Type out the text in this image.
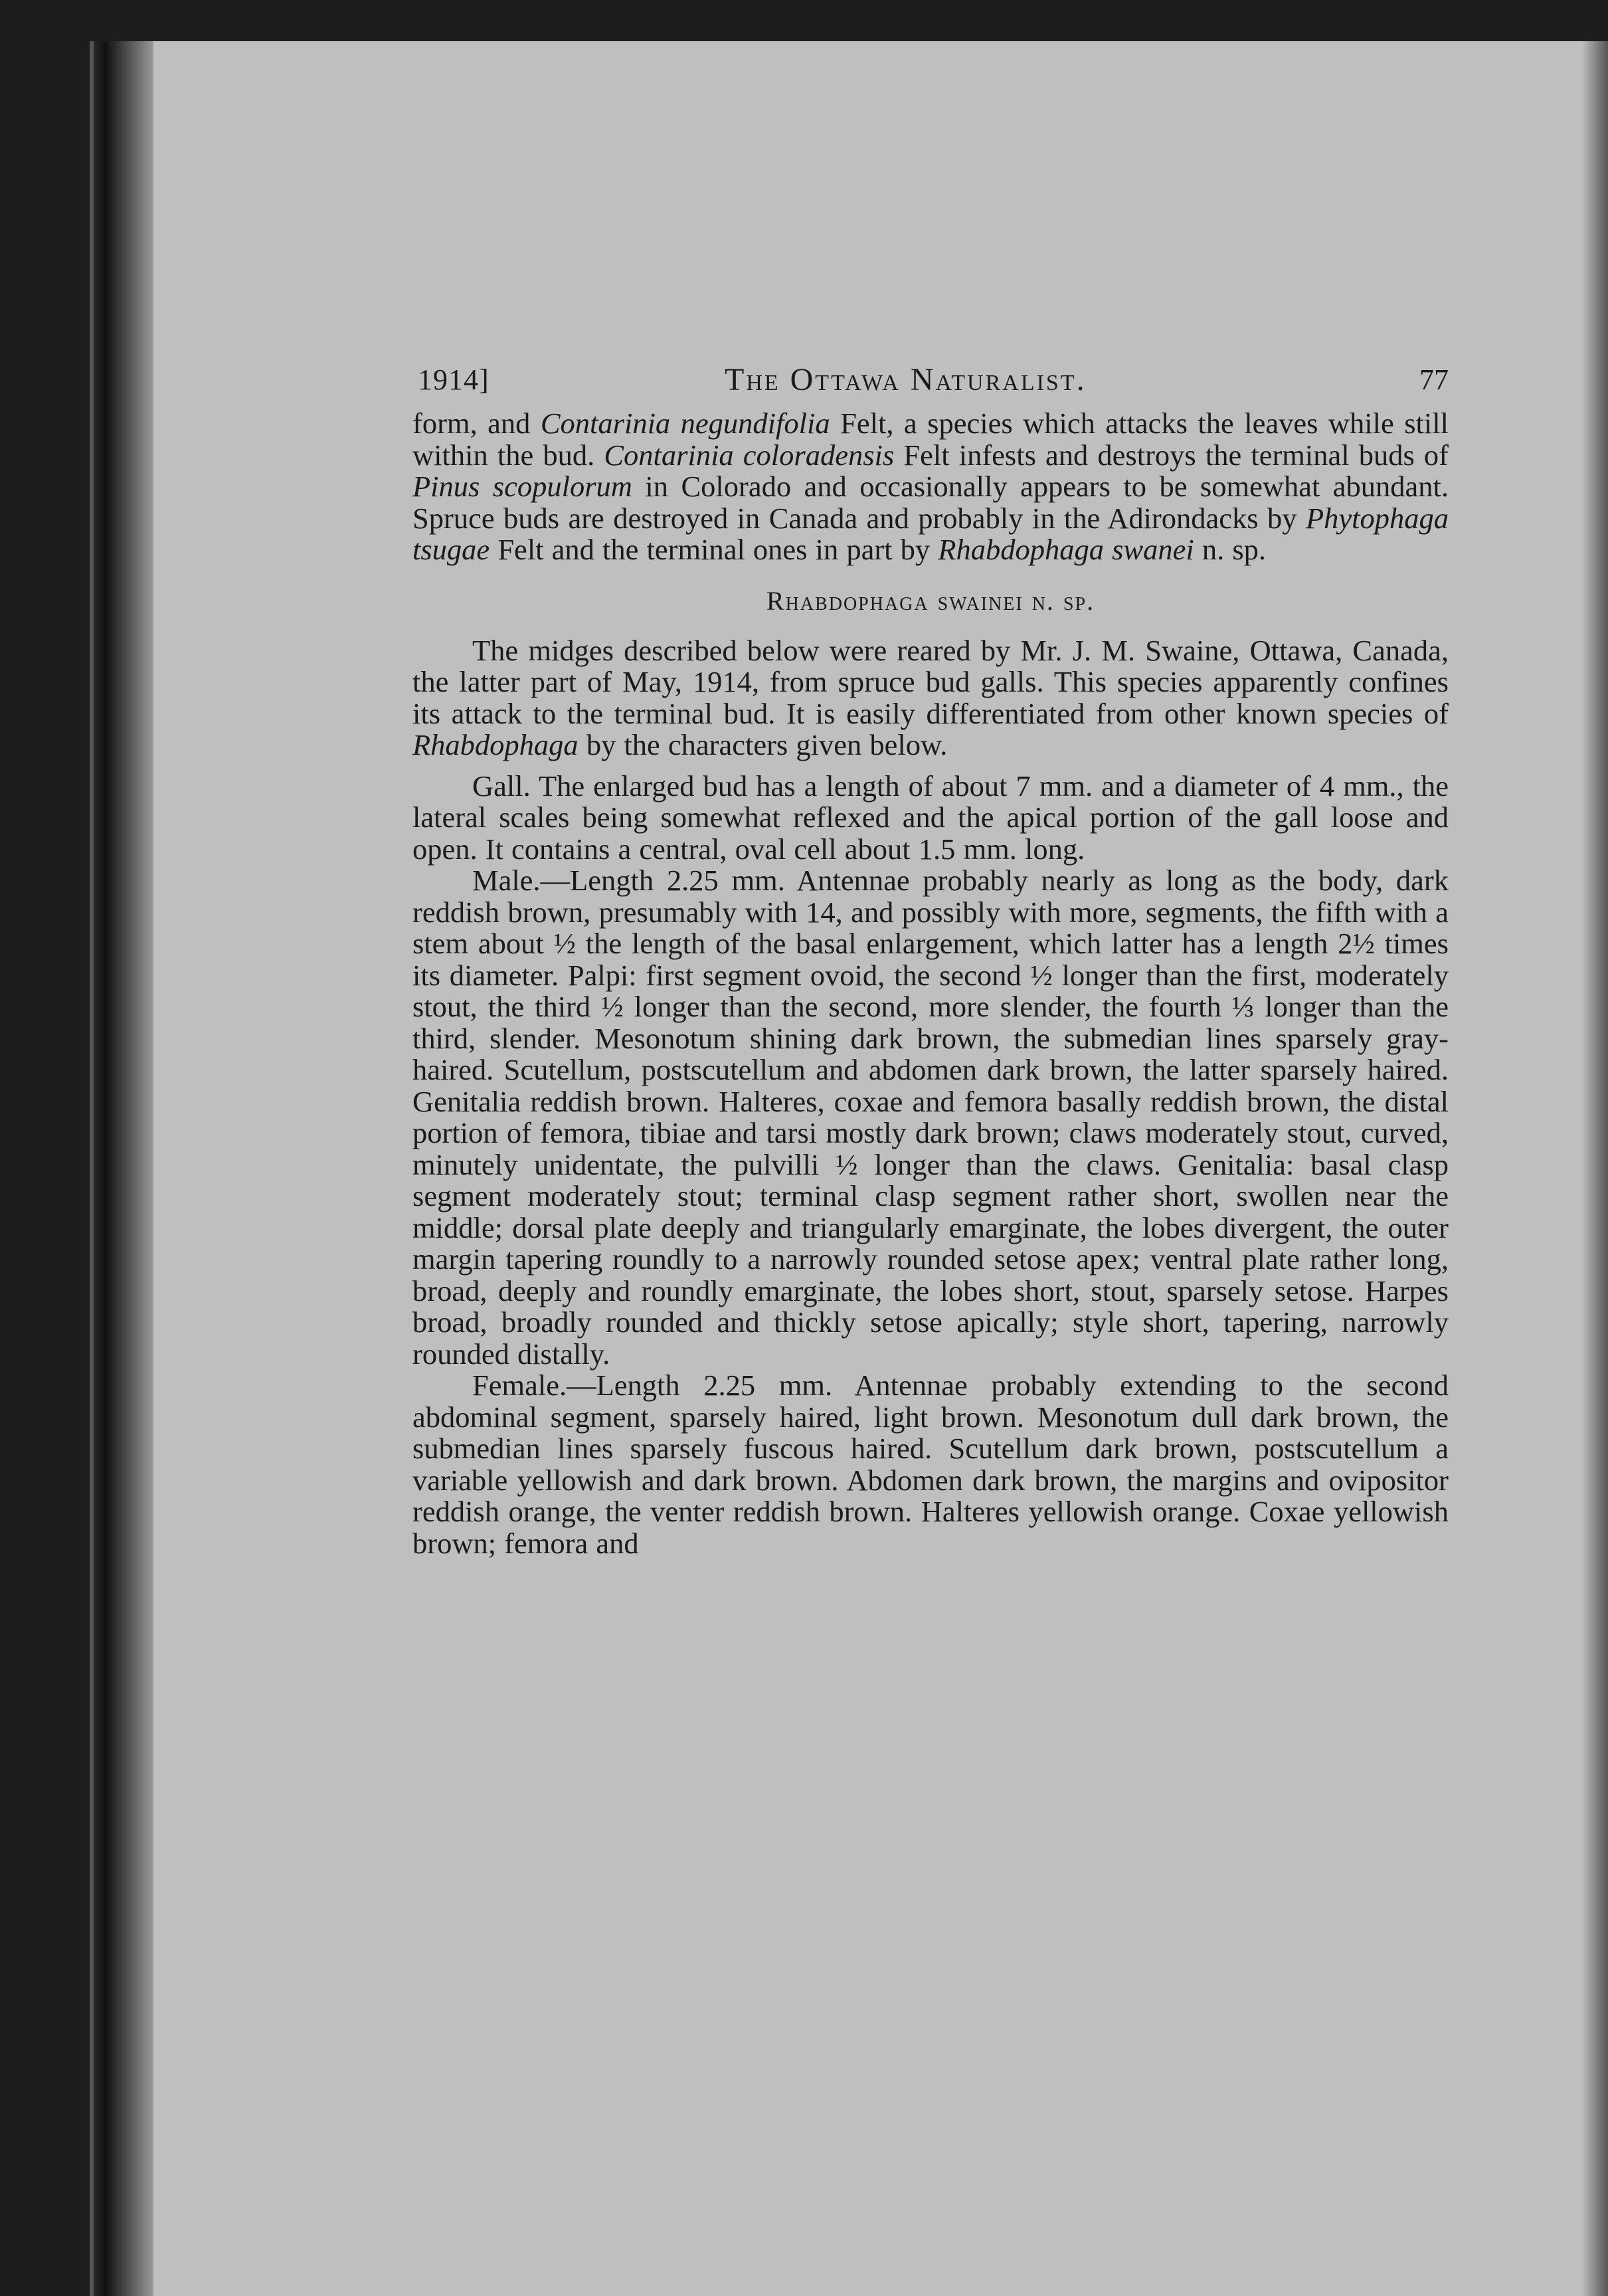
1914]	The Ottawa Naturalist.	77

form, and Contarinia negundifolia Felt, a species which attacks the leaves while still within the bud. Contarinia coloradensis Felt infests and destroys the terminal buds of Pinus scopulorum in Colorado and occasionally appears to be somewhat abundant. Spruce buds are destroyed in Canada and probably in the Adirondacks by Phytophaga tsugae Felt and the terminal ones in part by Rhabdophaga swanei n. sp.

Rhabdophaga swainei n. sp.

The midges described below were reared by Mr. J. M. Swaine, Ottawa, Canada, the latter part of May, 1914, from spruce bud galls. This species apparently confines its attack to the terminal bud. It is easily differentiated from other known species of Rhabdophaga by the characters given below.

Gall. The enlarged bud has a length of about 7 mm. and a diameter of 4 mm., the lateral scales being somewhat reflexed and the apical portion of the gall loose and open. It contains a central, oval cell about 1.5 mm. long.

Male.—Length 2.25 mm. Antennae probably nearly as long as the body, dark reddish brown, presumably with 14, and possibly with more, segments, the fifth with a stem about ½ the length of the basal enlargement, which latter has a length 2½ times its diameter. Palpi: first segment ovoid, the second ½ longer than the first, moderately stout, the third ½ longer than the second, more slender, the fourth ⅓ longer than the third, slender. Mesonotum shining dark brown, the submedian lines sparsely gray-haired. Scutellum, postscutellum and abdomen dark brown, the latter sparsely haired. Genitalia reddish brown. Halteres, coxae and femora basally reddish brown, the distal portion of femora, tibiae and tarsi mostly dark brown; claws moderately stout, curved, minutely unidentate, the pulvilli ½ longer than the claws. Genitalia: basal clasp segment moderately stout; terminal clasp segment rather short, swollen near the middle; dorsal plate deeply and triangularly emarginate, the lobes divergent, the outer margin tapering roundly to a narrowly rounded setose apex; ventral plate rather long, broad, deeply and roundly emarginate, the lobes short, stout, sparsely setose. Harpes broad, broadly rounded and thickly setose apically; style short, tapering, narrowly rounded distally.

Female.—Length 2.25 mm. Antennae probably extending to the second abdominal segment, sparsely haired, light brown. Mesonotum dull dark brown, the submedian lines sparsely fuscous haired. Scutellum dark brown, postscutellum a variable yellowish and dark brown. Abdomen dark brown, the margins and ovipositor reddish orange, the venter reddish brown. Halteres yellowish orange. Coxae yellowish brown; femora and
